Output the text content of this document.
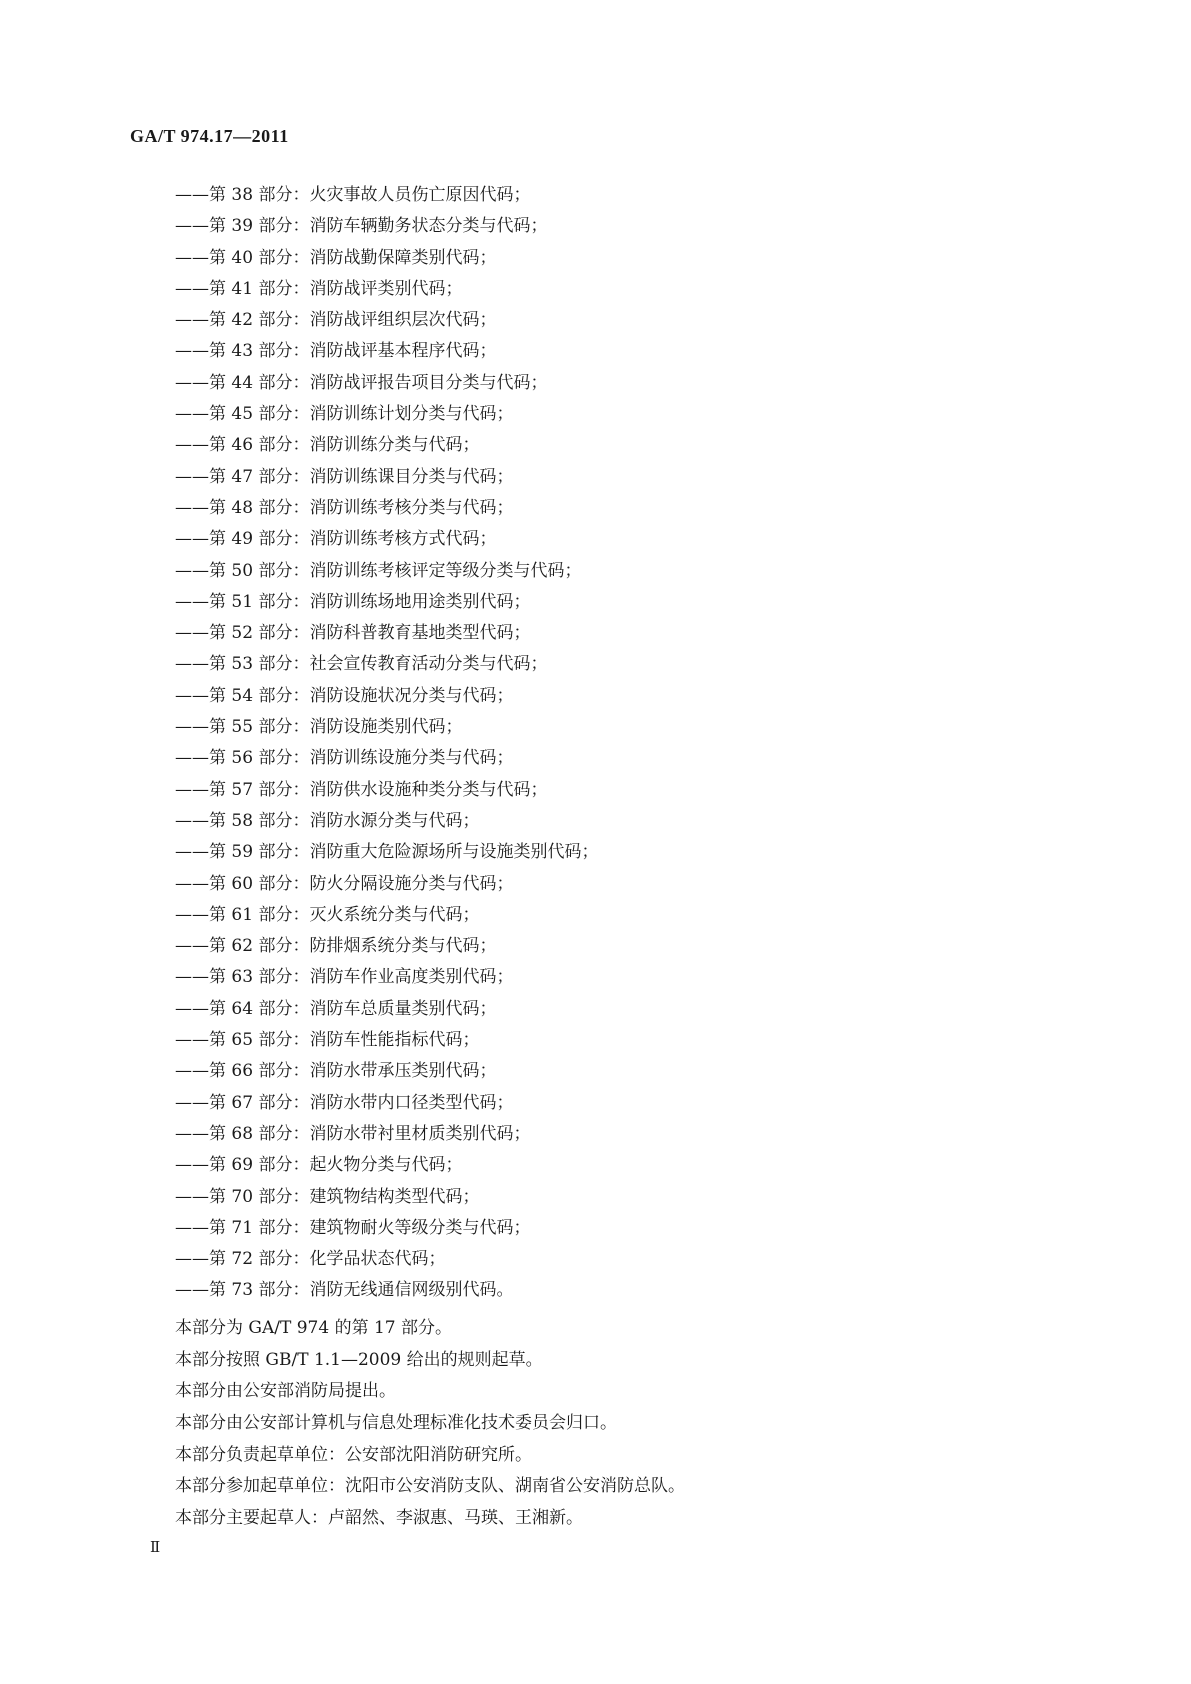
GA/T 974.17—2011
——第 38 部分：火灾事故人员伤亡原因代码；
——第 39 部分：消防车辆勤务状态分类与代码；
——第 40 部分：消防战勤保障类别代码；
——第 41 部分：消防战评类别代码；
——第 42 部分：消防战评组织层次代码；
——第 43 部分：消防战评基本程序代码；
——第 44 部分：消防战评报告项目分类与代码；
——第 45 部分：消防训练计划分类与代码；
——第 46 部分：消防训练分类与代码；
——第 47 部分：消防训练课目分类与代码；
——第 48 部分：消防训练考核分类与代码；
——第 49 部分：消防训练考核方式代码；
——第 50 部分：消防训练考核评定等级分类与代码；
——第 51 部分：消防训练场地用途类别代码；
——第 52 部分：消防科普教育基地类型代码；
——第 53 部分：社会宣传教育活动分类与代码；
——第 54 部分：消防设施状况分类与代码；
——第 55 部分：消防设施类别代码；
——第 56 部分：消防训练设施分类与代码；
——第 57 部分：消防供水设施种类分类与代码；
——第 58 部分：消防水源分类与代码；
——第 59 部分：消防重大危险源场所与设施类别代码；
——第 60 部分：防火分隔设施分类与代码；
——第 61 部分：灭火系统分类与代码；
——第 62 部分：防排烟系统分类与代码；
——第 63 部分：消防车作业高度类别代码；
——第 64 部分：消防车总质量类别代码；
——第 65 部分：消防车性能指标代码；
——第 66 部分：消防水带承压类别代码；
——第 67 部分：消防水带内口径类型代码；
——第 68 部分：消防水带衬里材质类别代码；
——第 69 部分：起火物分类与代码；
——第 70 部分：建筑物结构类型代码；
——第 71 部分：建筑物耐火等级分类与代码；
——第 72 部分：化学品状态代码；
——第 73 部分：消防无线通信网级别代码。

本部分为 GA/T 974 的第 17 部分。

本部分按照 GB/T 1.1—2009 给出的规则起草。

本部分由公安部消防局提出。

本部分由公安部计算机与信息处理标准化技术委员会归口。

本部分负责起草单位：公安部沈阳消防研究所。

本部分参加起草单位：沈阳市公安消防支队、湖南省公安消防总队。

本部分主要起草人：卢韶然、李淑惠、马瑛、王湘新。

Ⅱ
